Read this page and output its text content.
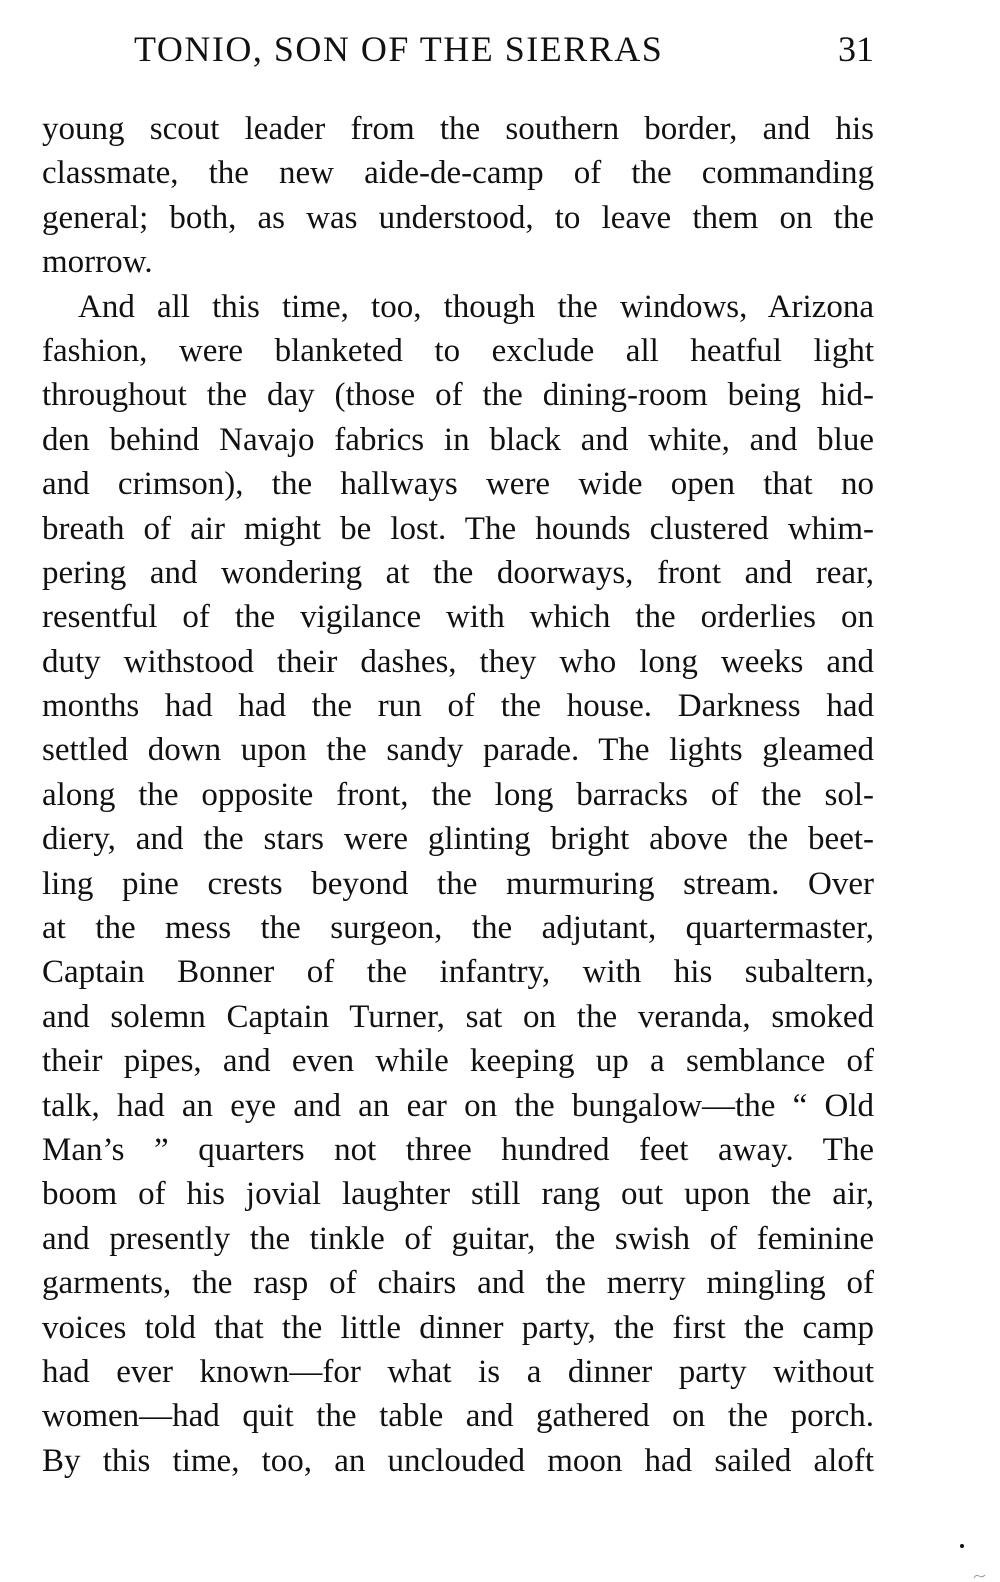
TONIO, SON OF THE SIERRAS	31
young scout leader from the southern border, and his
classmate, the new aide-de-camp of the commanding
general; both, as was understood, to leave them on the
morrow.
And all this time, too, though the windows, Arizona
fashion, were blanketed to exclude all heatful light
throughout the day (those of the dining-room being hid-
den behind Navajo fabrics in black and white, and blue
and crimson), the hallways were wide open that no
breath of air might be lost. The hounds clustered whim-
pering and wondering at the doorways, front and rear,
resentful of the vigilance with which the orderlies on
duty withstood their dashes, they who long weeks and
months had had the run of the house. Darkness had
settled down upon the sandy parade. The lights gleamed
along the opposite front, the long barracks of the sol-
diery, and the stars were glinting bright above the beet-
ling pine crests beyond the murmuring stream. Over
at the mess the surgeon, the adjutant, quartermaster,
Captain Bonner of the infantry, with his subaltern,
and solemn Captain Turner, sat on the veranda, smoked
their pipes, and even while keeping up a semblance of
talk, had an eye and an ear on the bungalow—the “ Old
Man’s ” quarters not three hundred feet away. The
boom of his jovial laughter still rang out upon the air,
and presently the tinkle of guitar, the swish of feminine
garments, the rasp of chairs and the merry mingling of
voices told that the little dinner party, the first the camp
had ever known—for what is a dinner party without
women—had quit the table and gathered on the porch.
By this time, too, an unclouded moon had sailed aloft
